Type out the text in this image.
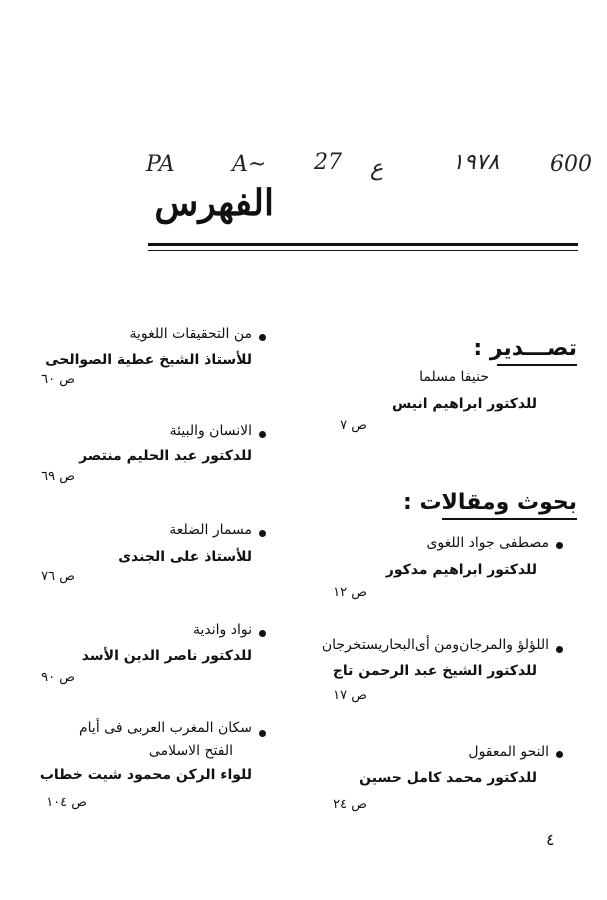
PA	A~ 27 ع	١٩٧٨ 600
الفهرس
تصـــدير :
حنيفا مسلما
للدكتور ابراهيم انيس
ص ٧
بحوث ومقالات :
مصطفى جواد اللغوى
للدكتور ابراهيم مدكور
ص ١٢
اللؤلؤ والمرجان‌ومن أى‌البحاريستخرجان
للدكتور الشيخ عبد الرحمن تاج
ص ١٧
النحو المعقول
للدكتور محمد كامل حسين
ص ٢٤
من التحقيقات اللغوية
للأستاذ الشيخ عطية الصوالحى
ص ٦٠
الانسان والبيئة
للدكتور عبد الحليم منتصر
ص ٦٩
مسمار الضلعة
للأستاذ على الجندى
ص ٧٦
نواد واندية
للدكتور ناصر الدين الأسد
ص ٩٠
سكان المغرب العربى فى أيام
الفتح الاسلامى
للواء الركن محمود شيت خطاب
ص ١٠٤
٤
